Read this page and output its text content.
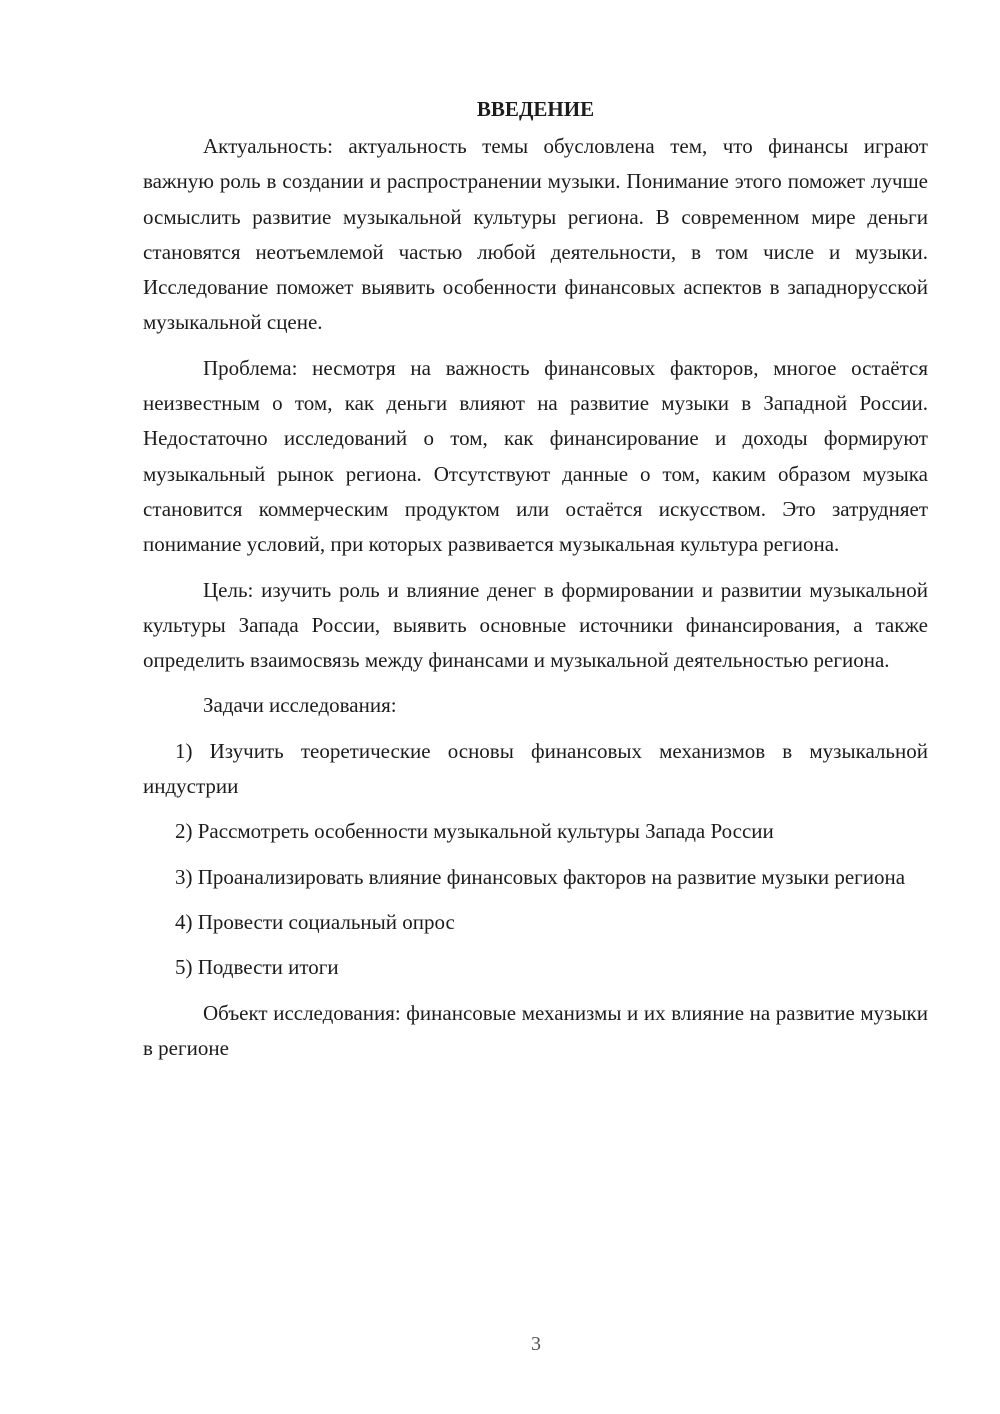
ВВЕДЕНИЕ

Актуальность: актуальность темы обусловлена тем, что финансы играют важную роль в создании и распространении музыки. Понимание этого поможет лучше осмыслить развитие музыкальной культуры региона. В современном мире деньги становятся неотъемлемой частью любой деятельности, в том числе и музыки. Исследование поможет выявить особенности финансовых аспектов в западнорусской музыкальной сцене.

Проблема: несмотря на важность финансовых факторов, многое остаётся неизвестным о том, как деньги влияют на развитие музыки в Западной России. Недостаточно исследований о том, как финансирование и доходы формируют музыкальный рынок региона. Отсутствуют данные о том, каким образом музыка становится коммерческим продуктом или остаётся искусством. Это затрудняет понимание условий, при которых развивается музыкальная культура региона.

Цель: изучить роль и влияние денег в формировании и развитии музыкальной культуры Запада России, выявить основные источники финансирования, а также определить взаимосвязь между финансами и музыкальной деятельностью региона.

Задачи исследования:

1) Изучить теоретические основы финансовых механизмов в музыкальной индустрии

2) Рассмотреть особенности музыкальной культуры Запада России

3) Проанализировать влияние финансовых факторов на развитие музыки региона

4) Провести социальный опрос

5) Подвести итоги

Объект исследования: финансовые механизмы и их влияние на развитие музыки в регионе

3
